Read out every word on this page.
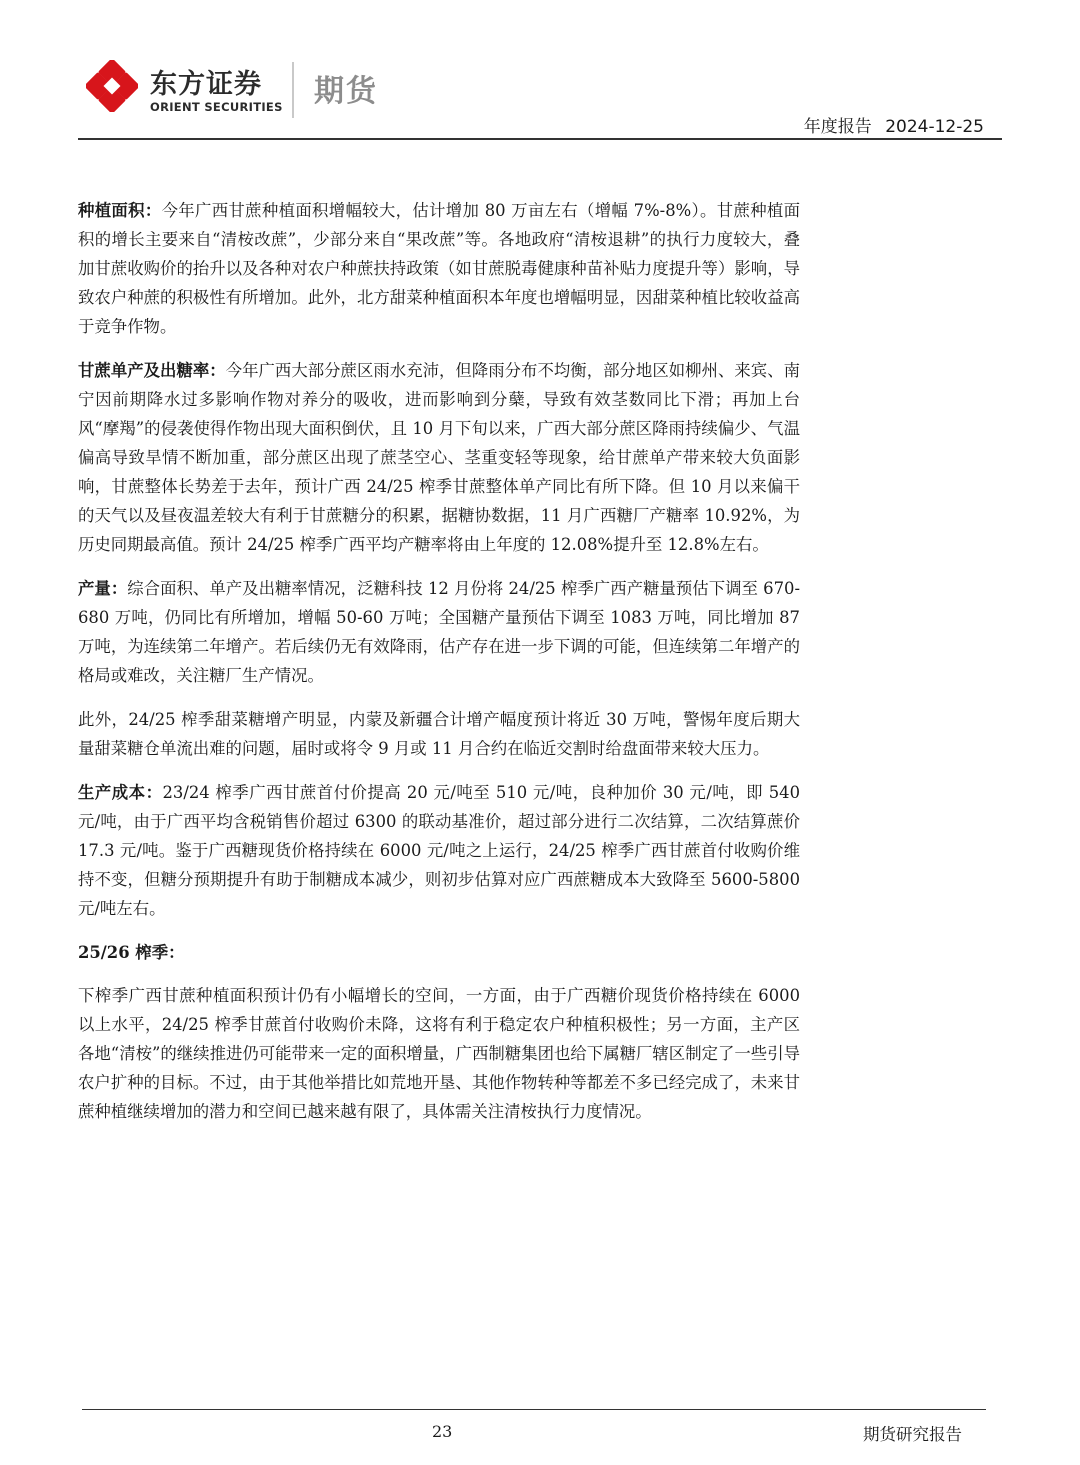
东方证券
ORIENT SECURITIES 期货
年度报告 2024-12-25

种植面积：今年广西甘蔗种植面积增幅较大，估计增加 80 万亩左右（增幅 7%-8%）。甘蔗种植面积的增长主要来自“清桉改蔗”，少部分来自“果改蔗”等。各地政府“清桉退耕”的执行力度较大，叠加甘蔗收购价的抬升以及各种对农户种蔗扶持政策（如甘蔗脱毒健康种苗补贴力度提升等）影响，导致农户种蔗的积极性有所增加。此外，北方甜菜种植面积本年度也增幅明显，因甜菜种植比较收益高于竞争作物。

甘蔗单产及出糖率：今年广西大部分蔗区雨水充沛，但降雨分布不均衡，部分地区如柳州、来宾、南宁因前期降水过多影响作物对养分的吸收，进而影响到分蘖，导致有效茎数同比下滑；再加上台风“摩羯”的侵袭使得作物出现大面积倒伏，且 10 月下旬以来，广西大部分蔗区降雨持续偏少、气温偏高导致旱情不断加重，部分蔗区出现了蔗茎空心、茎重变轻等现象，给甘蔗单产带来较大负面影响，甘蔗整体长势差于去年，预计广西 24/25 榨季甘蔗整体单产同比有所下降。但 10 月以来偏干的天气以及昼夜温差较大有利于甘蔗糖分的积累，据糖协数据，11 月广西糖厂产糖率 10.92%，为历史同期最高值。预计 24/25 榨季广西平均产糖率将由上年度的 12.08%提升至 12.8%左右。

产量：综合面积、单产及出糖率情况，泛糖科技 12 月份将 24/25 榨季广西产糖量预估下调至 670-680 万吨，仍同比有所增加，增幅 50-60 万吨；全国糖产量预估下调至 1083 万吨，同比增加 87 万吨，为连续第二年增产。若后续仍无有效降雨，估产存在进一步下调的可能，但连续第二年增产的格局或难改，关注糖厂生产情况。

此外，24/25 榨季甜菜糖增产明显，内蒙及新疆合计增产幅度预计将近 30 万吨，警惕年度后期大量甜菜糖仓单流出难的问题，届时或将令 9 月或 11 月合约在临近交割时给盘面带来较大压力。

生产成本：23/24 榨季广西甘蔗首付价提高 20 元/吨至 510 元/吨，良种加价 30 元/吨，即 540 元/吨，由于广西平均含税销售价超过 6300 的联动基准价，超过部分进行二次结算，二次结算蔗价 17.3 元/吨。鉴于广西糖现货价格持续在 6000 元/吨之上运行，24/25 榨季广西甘蔗首付收购价维持不变，但糖分预期提升有助于制糖成本减少，则初步估算对应广西蔗糖成本大致降至 5600-5800 元/吨左右。

25/26 榨季：

下榨季广西甘蔗种植面积预计仍有小幅增长的空间，一方面，由于广西糖价现货价格持续在 6000 以上水平，24/25 榨季甘蔗首付收购价未降，这将有利于稳定农户种植积极性；另一方面，主产区各地“清桉”的继续推进仍可能带来一定的面积增量，广西制糖集团也给下属糖厂辖区制定了一些引导农户扩种的目标。不过，由于其他举措比如荒地开垦、其他作物转种等都差不多已经完成了，未来甘蔗种植继续增加的潜力和空间已越来越有限了，具体需关注清桉执行力度情况。

23	期货研究报告
